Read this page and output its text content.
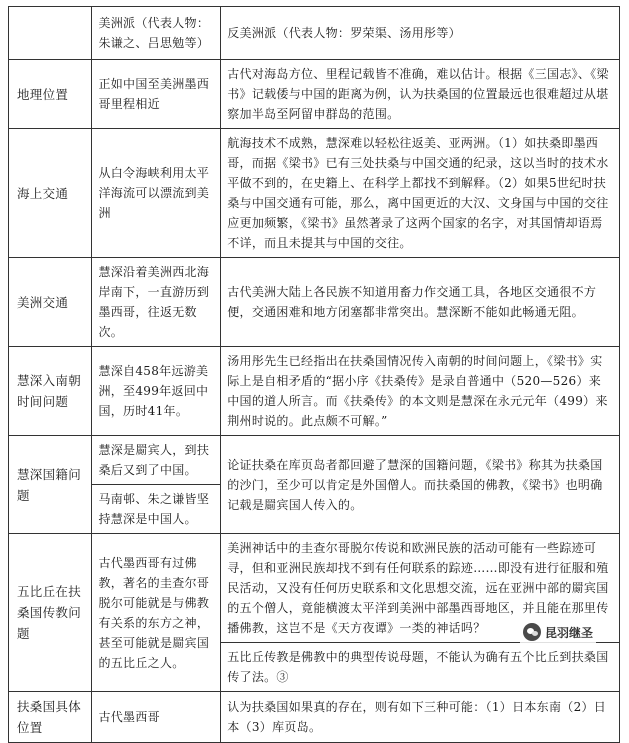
	美洲派（代表人物：朱谦之、吕思勉等）	反美洲派（代表人物：罗荣渠、汤用彤等）
地理位置	正如中国至美洲墨西哥里程相近	古代对海岛方位、里程记载皆不准确，难以估计。根据《三国志》、《梁书》记载倭与中国的距离为例，认为扶桑国的位置最远也很难超过从堪察加半岛至阿留申群岛的范围。
海上交通	从白令海峡利用太平洋海流可以漂流到美洲	航海技术不成熟，慧深难以轻松往返美、亚两洲。（1）如扶桑即墨西哥，而据《梁书》已有三处扶桑与中国交通的纪录，这以当时的技术水平做不到的，在史籍上、在科学上都找不到解释。（2）如果5世纪时扶桑与中国交通有可能，那么，离中国更近的大汉、文身国与中国的交往应更加频繁，《梁书》虽然著录了这两个国家的名字，对其国情却语焉不详，而且未提其与中国的交往。
美洲交通	慧深沿着美洲西北海岸南下，一直游历到墨西哥，往返无数次。	古代美洲大陆上各民族不知道用畜力作交通工具，各地区交通很不方便，交通困难和地方闭塞都非常突出。慧深断不能如此畅通无阻。
慧深入南朝时间问题	慧深自458年远游美洲，至499年返回中国，历时41年。	汤用彤先生已经指出在扶桑国情况传入南朝的时间问题上，《梁书》实际上是自相矛盾的“据小序《扶桑传》是录自普通中（520—526）来中国的道人所言。而《扶桑传》的本文则是慧深在永元元年（499）来荆州时说的。此点颇不可解。”
慧深国籍问题	慧深是罽宾人，到扶桑后又到了中国。	论证扶桑在库页岛者都回避了慧深的国籍问题，《梁书》称其为扶桑国的沙门，至少可以肯定是外国僧人。而扶桑国的佛教，《梁书》也明确记载是罽宾国人传入的。
	马南邨、朱之谦皆坚持慧深是中国人。	
五比丘在扶桑国传教问题	古代墨西哥有过佛教，著名的圭查尔哥脱尔可能就是与佛教有关系的东方之神，甚至可能就是罽宾国的五比丘之人。	美洲神话中的圭查尔哥脱尔传说和欧洲民族的活动可能有一些踪迹可寻，但和亚洲民族却找不到有任何联系的踪迹……即没有进行征服和殖民活动，又没有任何历史联系和文化思想交流，远在亚洲中部的罽宾国的五个僧人，竟能横渡太平洋到美洲中部墨西哥地区，并且能在那里传播佛教，这岂不是《天方夜谭》一类的神话吗？
		五比丘传教是佛教中的典型传说母题，不能认为确有五个比丘到扶桑国传了法。③
扶桑国具体位置	古代墨西哥	认为扶桑国如果真的存在，则有如下三种可能：（1）日本东南（2）日本（3）库页岛。
昆羽继圣
